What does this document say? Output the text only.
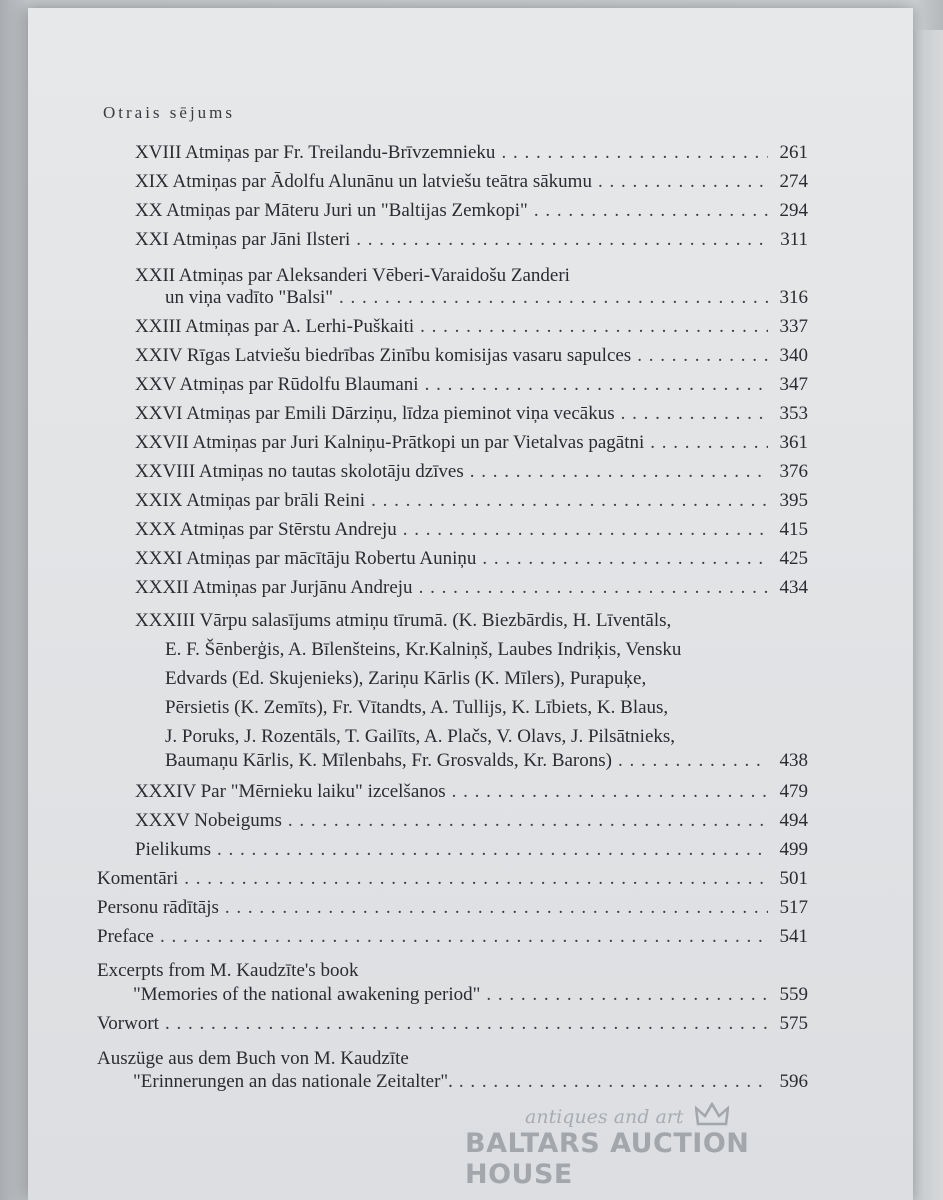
Otrais sējums
XVIII Atmiņas par Fr. Treilandu-Brīvzemnieku . . .	261
XIX Atmiņas par Ādolfu Alunānu un latviešu teātra sākumu . . .	274
XX Atmiņas par Māteru Juri un "Baltijas Zemkopi" . . .	294
XXI Atmiņas par Jāni Ilsteri . . .	311
XXII Atmiņas par Aleksanderi Vēberi-Varaidošu Zanderi
un viņa vadīto "Balsi" . . .	316
XXIII Atmiņas par A. Lerhi-Puškaiti . . .	337
XXIV Rīgas Latviešu biedrības Zinību komisijas vasaru sapulces . . .	340
XXV Atmiņas par Rūdolfu Blaumani . . .	347
XXVI Atmiņas par Emili Dārziņu, līdza pieminot viņa vecākus . . .	353
XXVII Atmiņas par Juri Kalniņu-Prātkopi un par Vietalvas pagātni . . .	361
XXVIII Atmiņas no tautas skolotāju dzīves . . .	376
XXIX Atmiņas par brāli Reini . . .	395
XXX Atmiņas par Stērstu Andreju . . .	415
XXXI Atmiņas par mācītāju Robertu Auniņu . . .	425
XXXII Atmiņas par Jurjānu Andreju . . .	434
XXXIII Vārpu salasījums atmiņu tīrumā. (K. Biezbārdis, H. Līventāls,
E. F. Šēnberģis, A. Bīlenšteins, Kr.Kalniņš, Laubes Indriķis, Vensku
Edvards (Ed. Skujenieks), Zariņu Kārlis (K. Mīlers), Purapuķe,
Pērsietis (K. Zemīts), Fr. Vītandts, A. Tullijs, K. Lībiets, K. Blaus,
J. Poruks, J. Rozentāls, T. Gailīts, A. Plačs, V. Olavs, J. Pilsātnieks,
Baumaņu Kārlis, K. Mīlenbahs, Fr. Grosvalds, Kr. Barons) . . .	438
XXXIV Par "Mērnieku laiku" izcelšanos . . .	479
XXXV Nobeigums . . .	494
Pielikums . . .	499
Komentāri . . .	501
Personu rādītājs . . .	517
Preface . . .	541
Excerpts from M. Kaudzīte's book
"Memories of the national awakening period" . . .	559
Vorwort . . .	575
Auszüge aus dem Buch von M. Kaudzīte
"Erinnerungen an das nationale Zeitalter". . . .	596
antiques and art
BALTARS AUCTION HOUSE
